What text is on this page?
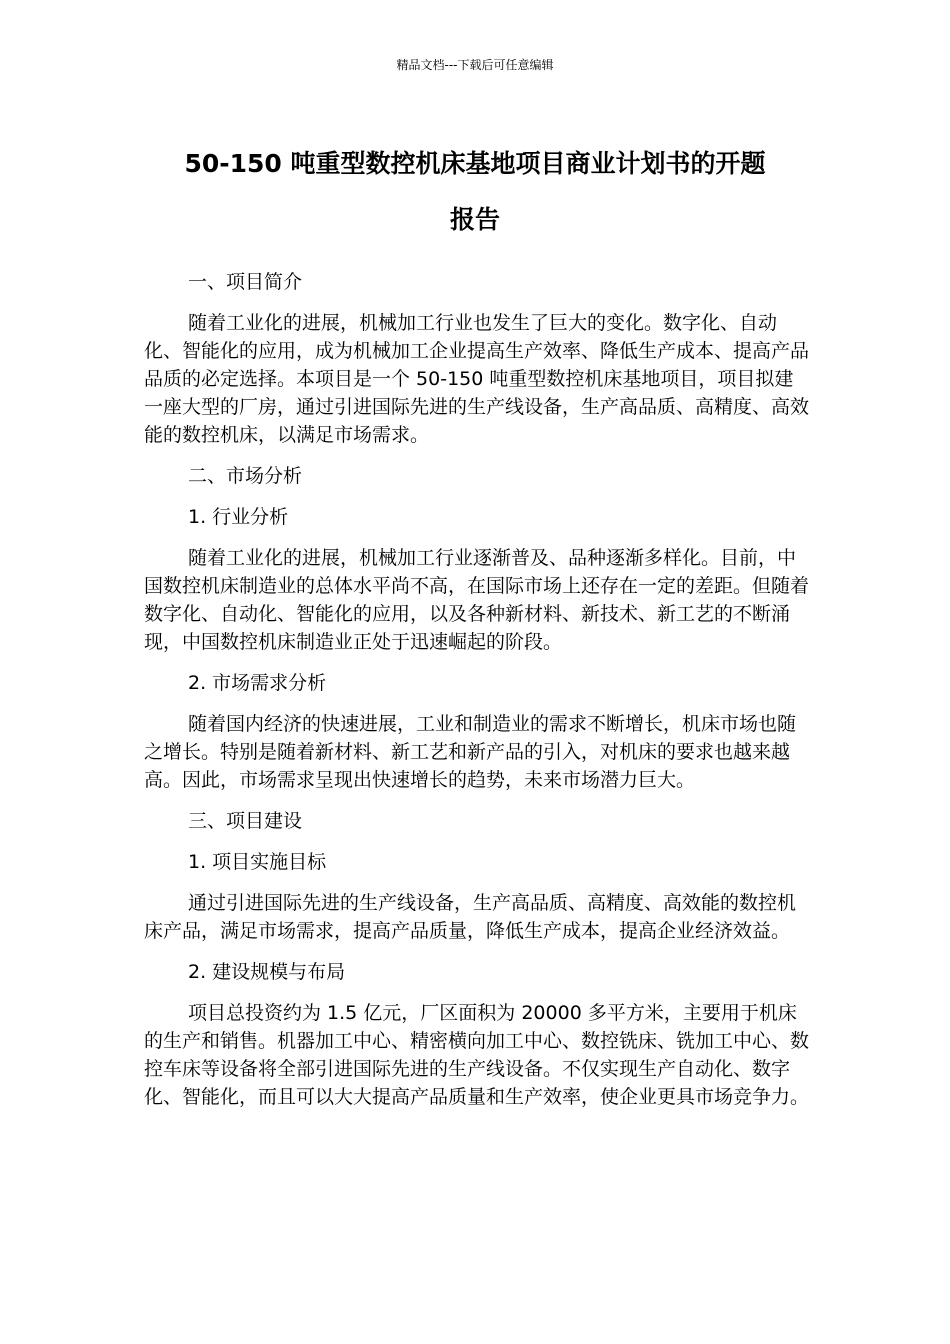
精品文档---下载后可任意编辑
50-150 吨重型数控机床基地项目商业计划书的开题
报告
一、项目简介
随着工业化的进展，机械加工行业也发生了巨大的变化。数字化、自动化、智能化的应用，成为机械加工企业提高生产效率、降低生产成本、提高产品品质的必定选择。本项目是一个 50-150 吨重型数控机床基地项目，项目拟建一座大型的厂房，通过引进国际先进的生产线设备，生产高品质、高精度、高效能的数控机床，以满足市场需求。
二、市场分析
1. 行业分析
随着工业化的进展，机械加工行业逐渐普及、品种逐渐多样化。目前，中国数控机床制造业的总体水平尚不高，在国际市场上还存在一定的差距。但随着数字化、自动化、智能化的应用，以及各种新材料、新技术、新工艺的不断涌现，中国数控机床制造业正处于迅速崛起的阶段。
2. 市场需求分析
随着国内经济的快速进展，工业和制造业的需求不断增长，机床市场也随之增长。特别是随着新材料、新工艺和新产品的引入，对机床的要求也越来越高。因此，市场需求呈现出快速增长的趋势，未来市场潜力巨大。
三、项目建设
1. 项目实施目标
通过引进国际先进的生产线设备，生产高品质、高精度、高效能的数控机床产品，满足市场需求，提高产品质量，降低生产成本，提高企业经济效益。
2. 建设规模与布局
项目总投资约为 1.5 亿元，厂区面积为 20000 多平方米，主要用于机床的生产和销售。机器加工中心、精密横向加工中心、数控铣床、铣加工中心、数控车床等设备将全部引进国际先进的生产线设备。不仅实现生产自动化、数字化、智能化，而且可以大大提高产品质量和生产效率，使企业更具市场竞争力。
